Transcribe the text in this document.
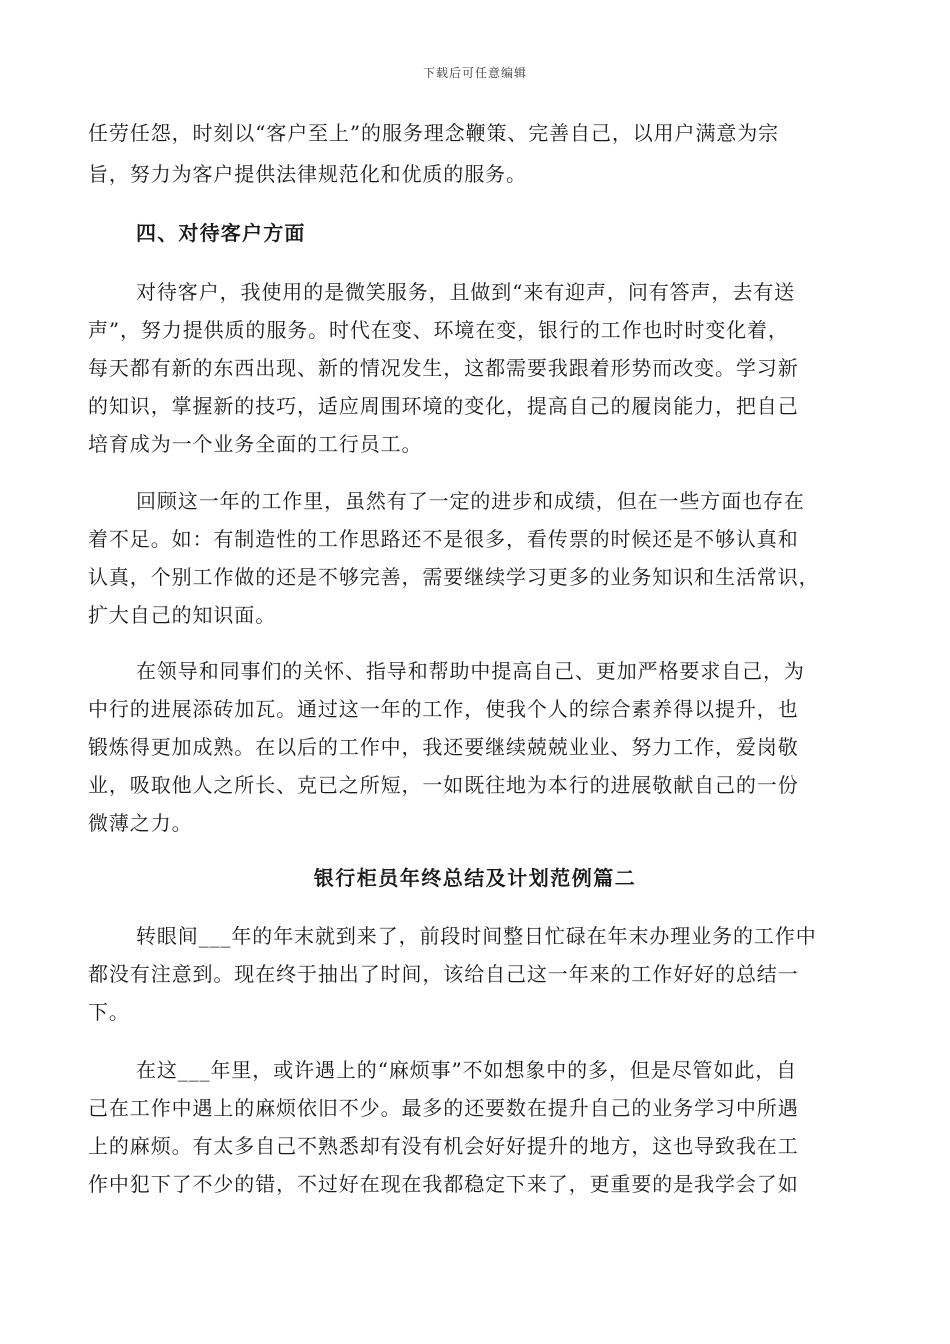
下载后可任意编辑
任劳任怨，时刻以“客户至上”的服务理念鞭策、完善自己，以用户满意为宗
旨，努力为客户提供法律规范化和优质的服务。
四、对待客户方面
对待客户，我使用的是微笑服务，且做到“来有迎声，问有答声，去有送
声”，努力提供质的服务。时代在变、环境在变，银行的工作也时时变化着，
每天都有新的东西出现、新的情况发生，这都需要我跟着形势而改变。学习新
的知识，掌握新的技巧，适应周围环境的变化，提高自己的履岗能力，把自己
培育成为一个业务全面的工行员工。
回顾这一年的工作里，虽然有了一定的进步和成绩，但在一些方面也存在
着不足。如：有制造性的工作思路还不是很多，看传票的时候还是不够认真和
认真，个别工作做的还是不够完善，需要继续学习更多的业务知识和生活常识，
扩大自己的知识面。
在领导和同事们的关怀、指导和帮助中提高自己、更加严格要求自己，为
中行的进展添砖加瓦。通过这一年的工作，使我个人的综合素养得以提升，也
锻炼得更加成熟。在以后的工作中，我还要继续兢兢业业、努力工作，爱岗敬
业，吸取他人之所长、克已之所短，一如既往地为本行的进展敬献自己的一份
微薄之力。
银行柜员年终总结及计划范例篇二
转眼间___年的年末就到来了，前段时间整日忙碌在年末办理业务的工作中
都没有注意到。现在终于抽出了时间，该给自己这一年来的工作好好的总结一
下。
在这___年里，或许遇上的“麻烦事”不如想象中的多，但是尽管如此，自
己在工作中遇上的麻烦依旧不少。最多的还要数在提升自己的业务学习中所遇
上的麻烦。有太多自己不熟悉却有没有机会好好提升的地方，这也导致我在工
作中犯下了不少的错，不过好在现在我都稳定下来了，更重要的是我学会了如
